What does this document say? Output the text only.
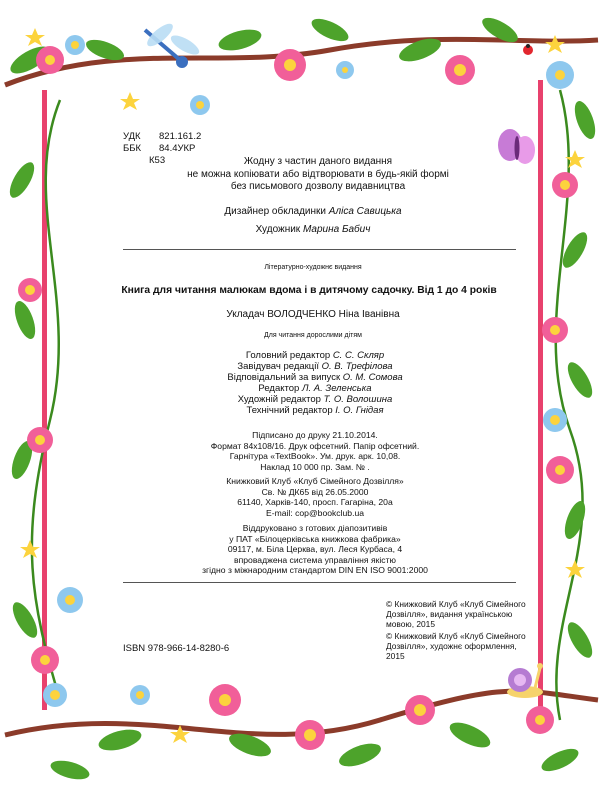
УДК 821.161.2
ББК 84.4УКР
К53	Жодну з частин даного видання
не можна копіювати або відтворювати в будь-якій формі
без письмового дозволу видавництва
Дизайнер обкладинки Аліса Савицька
Художник Марина Бабич
Літературно-художнє видання
Книга для читання малюкам вдома і в дитячому садочку. Від 1 до 4 років
Укладач ВОЛОДЧЕНКО Ніна Іванівна
Для читання дорослими дітям
Головний редактор С. С. Скляр
Завідувач редакції О. В. Трефілова
Відповідальний за випуск О. М. Сомова
Редактор Л. А. Зеленська
Художній редактор Т. О. Волошина
Технічний редактор І. О. Гнідая
Підписано до друку 21.10.2014.
Формат 84x108/16. Друк офсетний. Папір офсетний.
Гарнітура «TextBook». Ум. друк. арк. 10,08.
Наклад 10 000 пр. Зам. № .
Книжковий Клуб «Клуб Сімейного Дозвілля»
Св. № ДК65 від 26.05.2000
61140, Харків-140, просп. Гагаріна, 20а
E-mail: cop@bookclub.ua
Віддруковано з готових діапозитивів
у ПАТ «Білоцерківська книжкова фабрика»
09117, м. Біла Церква, вул. Леся Курбаса, 4
впроваджена система управління якістю
згідно з міжнародним стандартом DIN EN ISO 9001:2000
© Книжковий Клуб «Клуб Сімейного Дозвілля», видання українською мовою, 2015
© Книжковий Клуб «Клуб Сімейного Дозвілля», художнє оформлення, 2015
ISBN 978-966-14-8280-6
